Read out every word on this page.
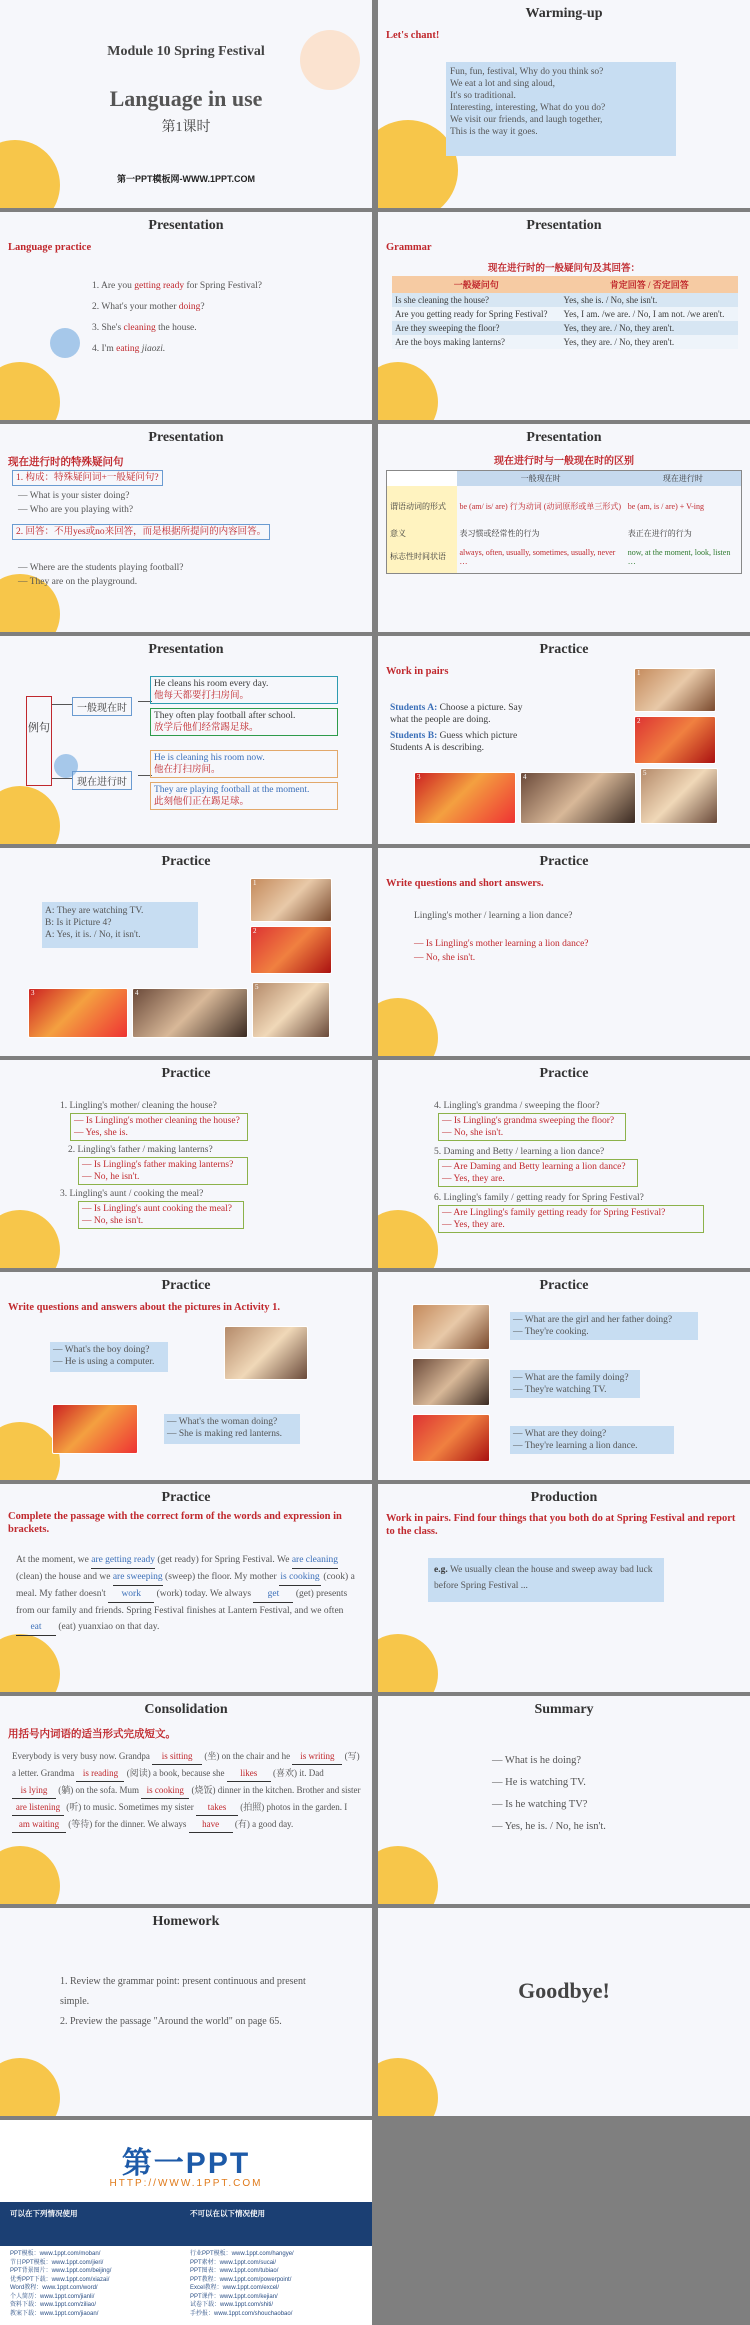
Module 10 Spring Festival
Language in use
第1课时
第一PPT模板网-WWW.1PPT.COM
Warming-up
Let's chant!
Fun, fun, festival, Why do you think so?
We eat a lot and sing aloud,
It's so traditional.
Interesting, interesting, What do you do?
We visit our friends, and laugh together,
This is the way it goes.
Presentation
Language practice
1. Are you getting ready for Spring Festival?
2. What's your mother doing?
3. She's cleaning the house.
4. I'm eating jiaozi.
Presentation
Grammar
现在进行时的一般疑问句及其回答：
一般疑问句	肯定回答 / 否定回答
Is she cleaning the house?	Yes, she is. / No, she isn't.
Are you getting ready for Spring Festival?	Yes, I am. /we are. / No, I am not. /we aren't.
Are they sweeping the floor?	Yes, they are. / No, they aren't.
Are the boys making lanterns?	Yes, they are. / No, they aren't.
Presentation
现在进行时的特殊疑问句
1. 构成：特殊疑问词+一般疑问句?
— What is your sister doing?
— Who are you playing with?
2. 回答：不用yes或no来回答，而是根据所提问的内容回答。
— Where are the students playing football?
— They are on the playground.
Presentation
现在进行时与一般现在时的区别
	一般现在时	现在进行时
谓语动词的形式	be (am/ is/ are) 行为动词 (动词原形或单三形式)	be (am, is / are) + V-ing
意义	表习惯或经常性的行为	表正在进行的行为
标志性时间状语	always, often, usually, sometimes, usually, never …	now, at the moment, look, listen …
Presentation
例句
一般现在时
现在进行时
He cleans his room every day.
他每天都要打扫房间。
They often play football after school.
放学后他们经常踢足球。
He is cleaning his room now.
他在打扫房间。
They are playing football at the moment.
此刻他们正在踢足球。
Practice
Work in pairs
Students A: Choose a picture. Say what the people are doing.
Students B: Guess which picture Students A is describing.
1
2
3	4	5
Practice
A: They are watching TV.
B: Is it Picture 4?
A: Yes, it is. / No, it isn't.
1
2
3	4
5
Practice
Write questions and short answers.
Lingling's mother / learning a lion dance?
— Is Lingling's mother learning a lion dance?
— No, she isn't.
Practice
1. Lingling's mother/ cleaning the house?
— Is Lingling's mother cleaning the house?
— Yes, she is.
2. Lingling's father / making lanterns?
— Is Lingling's father making lanterns?
— No, he isn't.
3. Lingling's aunt / cooking the meal?
— Is Lingling's aunt cooking the meal?
— No, she isn't.
Practice
4. Lingling's grandma / sweeping the floor?
— Is Lingling's grandma sweeping the floor?
— No, she isn't.
5. Daming and Betty / learning a lion dance?
— Are Daming and Betty learning a lion dance?
— Yes, they are.
6. Lingling's family / getting ready for Spring Festival?
— Are Lingling's family getting ready for Spring Festival?
— Yes, they are.
Practice
Write questions and answers about the pictures in Activity 1.
— What's the boy doing?
— He is using a computer.
— What's the woman doing?
— She is making red lanterns.
Practice
— What are the girl and her father doing?
— They're cooking.
— What are the family doing?
— They're watching TV.
— What are they doing?
— They're learning a lion dance.
Practice
Complete the passage with the correct form of the words and expression in brackets.
At the moment, we are getting ready (get ready) for Spring Festival. We are cleaning (clean) the house and we are sweeping (sweep) the floor. My mother is cooking (cook) a meal. My father doesn't work (work) today. We always get (get) presents from our family and friends. Spring Festival finishes at Lantern Festival, and we often eat (eat) yuanxiao on that day.
Production
Work in pairs. Find four things that you both do at Spring Festival and report to the class.
e.g. We usually clean the house and sweep away bad luck before Spring Festival ...
Consolidation
用括号内词语的适当形式完成短文。
Everybody is very busy now. Grandpa is sitting (坐) on the chair and he is writing (写) a letter. Grandma is reading (阅读) a book, because she likes (喜欢) it. Dad is lying (躺) on the sofa. Mum is cooking (烧饭) dinner in the kitchen. Brother and sister are listening (听) to music. Sometimes my sister takes (拍照) photos in the garden. I am waiting (等待) for the dinner. We always have (有) a good day.
Summary
— What is he doing?
— He is watching TV.
— Is he watching TV?
— Yes, he is. / No, he isn't.
Homework
1. Review the grammar point: present continuous and present simple.
2. Preview the passage "Around the world" on page 65.
Goodbye!
第一PPT
HTTP://WWW.1PPT.COM
可以在下列情况使用	不可以在以下情况使用
PPT模板：www.1ppt.com/moban/
节日PPT模板：www.1ppt.com/jieri/
PPT背景图片：www.1ppt.com/beijing/
优秀PPT下载：www.1ppt.com/xiazai/
Word教程：www.1ppt.com/word/
个人简历：www.1ppt.com/jianli/
资料下载：www.1ppt.com/ziliao/
教案下载：www.1ppt.com/jiaoan/
行业PPT模板：www.1ppt.com/hangye/
PPT素材：www.1ppt.com/sucai/
PPT图表：www.1ppt.com/tubiao/
PPT教程：www.1ppt.com/powerpoint/
Excel教程：www.1ppt.com/excel/
PPT课件：www.1ppt.com/kejian/
试卷下载：www.1ppt.com/shiti/
手抄报：www.1ppt.com/shouchaobao/
